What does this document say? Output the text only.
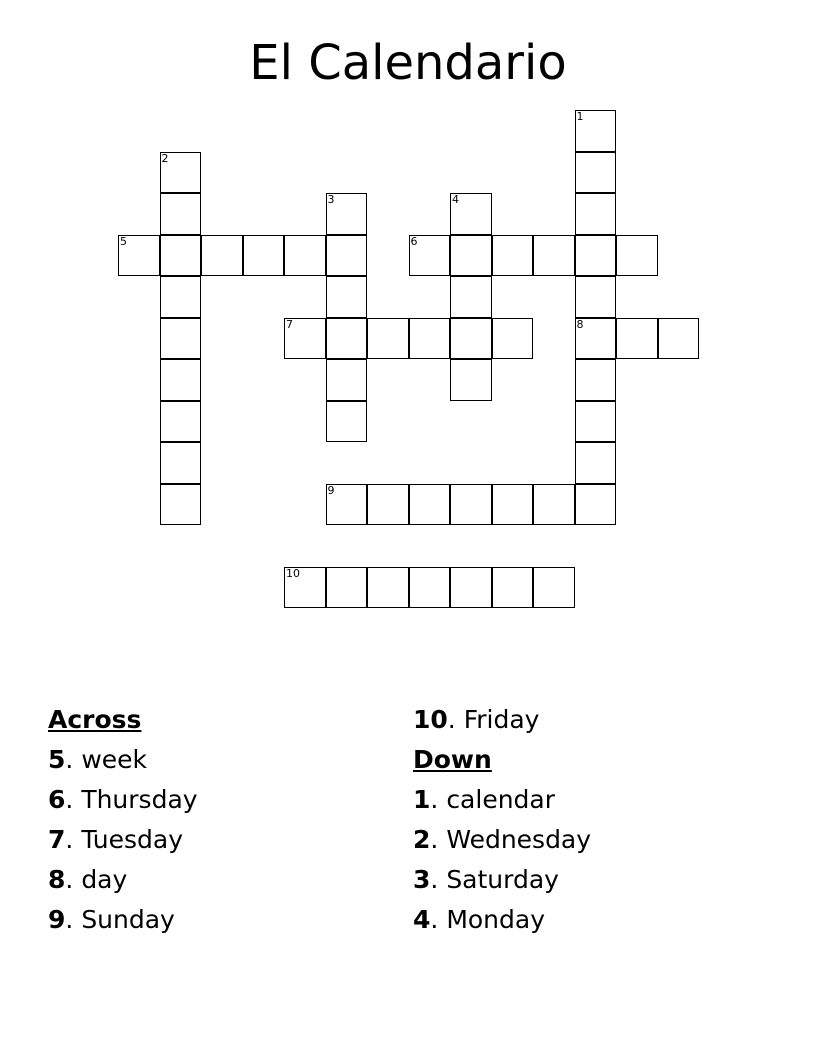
El Calendario
1
8
2
3	4
5	6
7
9
10
Across
5. week
6. Thursday
7. Tuesday
8. day
9. Sunday
10. Friday
Down
1. calendar
2. Wednesday
3. Saturday
4. Monday
